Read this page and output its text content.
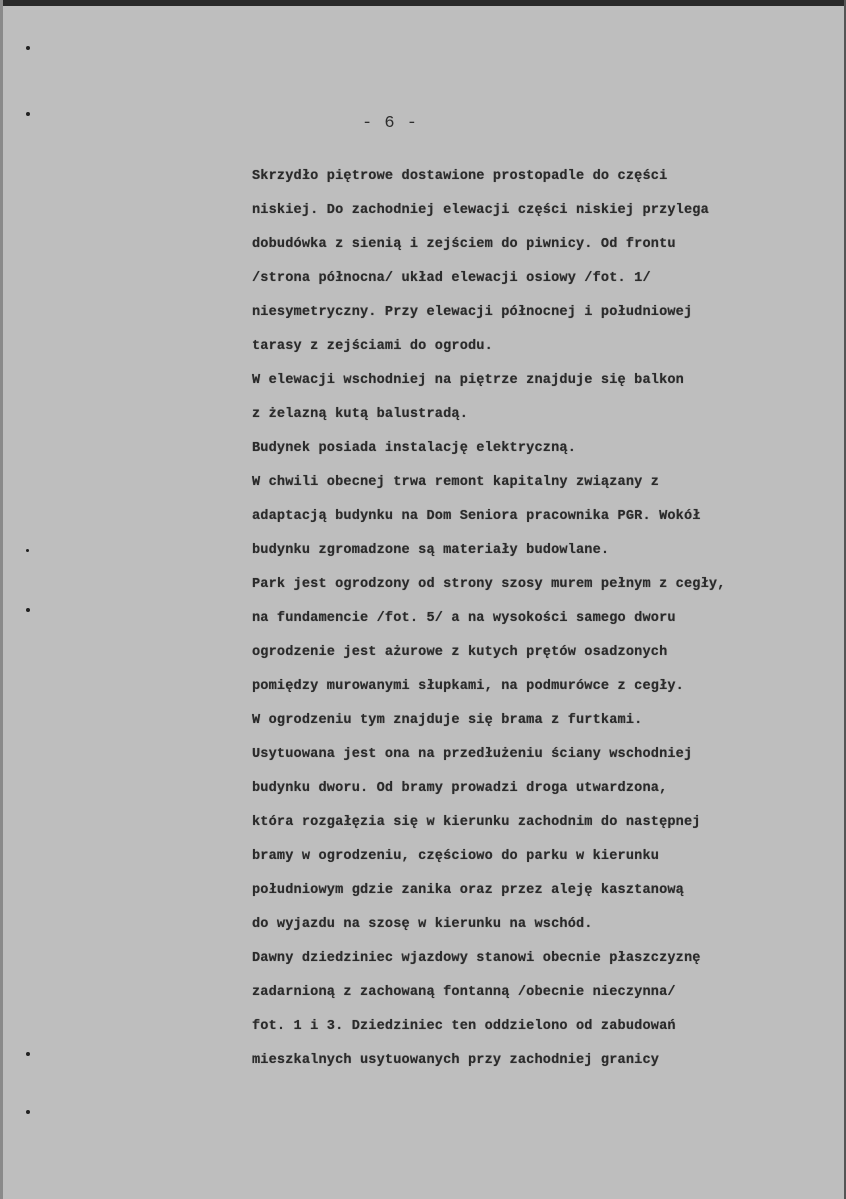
- 6 -
Skrzydło piętrowe dostawione prostopadle do części
niskiej. Do zachodniej elewacji części niskiej przylega
dobudówka z sienią i zejściem do piwnicy. Od frontu
/strona północna/ układ elewacji osiowy /fot. 1/
niesymetryczny. Przy elewacji północnej i południowej
tarasy z zejściami do ogrodu.
W elewacji wschodniej na piętrze znajduje się balkon
z żelazną kutą balustradą.
Budynek posiada instalację elektryczną.
W chwili obecnej trwa remont kapitalny związany z
adaptacją budynku na Dom Seniora pracownika PGR. Wokół
budynku zgromadzone są materiały budowlane.
Park jest ogrodzony od strony szosy murem pełnym z cegły,
na fundamencie /fot. 5/ a na wysokości samego dworu
ogrodzenie jest ażurowe z kutych prętów osadzonych
pomiędzy murowanymi słupkami, na podmurówce z cegły.
W ogrodzeniu tym znajduje się brama z furtkami.
Usytuowana jest ona na przedłużeniu ściany wschodniej
budynku dworu. Od bramy prowadzi droga utwardzona,
która rozgałęzia się w kierunku zachodnim do następnej
bramy w ogrodzeniu, częściowo do parku w kierunku
południowym gdzie zanika oraz przez aleję kasztanową
do wyjazdu na szosę w kierunku na wschód.
Dawny dziedziniec wjazdowy stanowi obecnie płaszczyznę
zadarnioną z zachowaną fontanną /obecnie nieczynna/
fot. 1 i 3. Dziedziniec ten oddzielono od zabudowań
mieszkalnych usytuowanych przy zachodniej granicy
